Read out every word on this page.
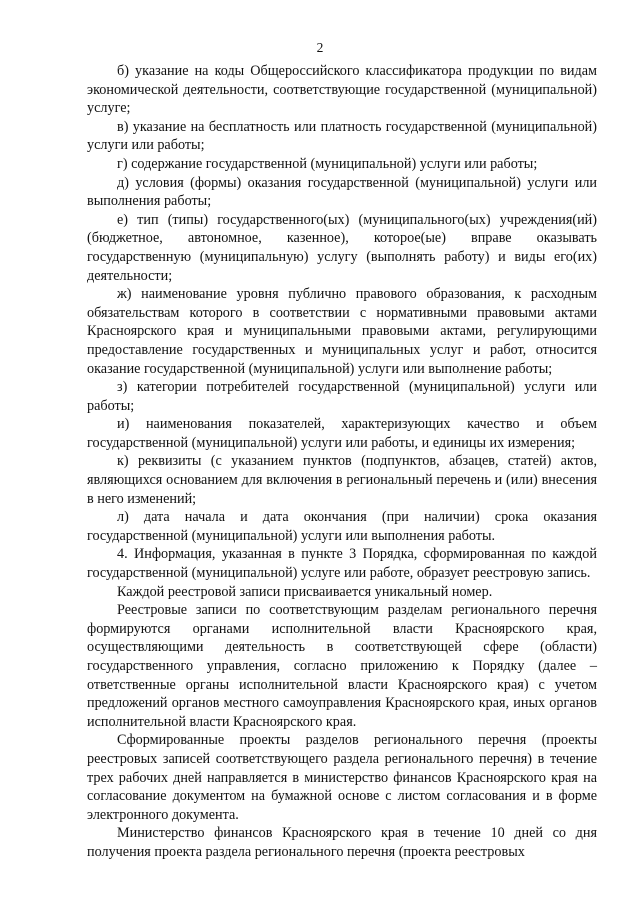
2

б) указание на коды Общероссийского классификатора продукции по видам экономической деятельности, соответствующие государственной (муниципальной) услуге;

в) указание на бесплатность или платность государственной (муниципальной) услуги или работы;

г) содержание государственной (муниципальной) услуги или работы;

д) условия (формы) оказания государственной (муниципальной) услуги или выполнения работы;

е) тип (типы) государственного(ых) (муниципального(ых) учреждения(ий) (бюджетное, автономное, казенное), которое(ые) вправе оказывать государственную (муниципальную) услугу (выполнять работу) и виды его(их) деятельности;

ж) наименование уровня публично правового образования, к расходным обязательствам которого в соответствии с нормативными правовыми актами Красноярского края и муниципальными правовыми актами, регулирующими предоставление государственных и муниципальных услуг и работ, относится оказание государственной (муниципальной) услуги или выполнение работы;

з) категории потребителей государственной (муниципальной) услуги или работы;

и) наименования показателей, характеризующих качество и объем государственной (муниципальной) услуги или работы, и единицы их измерения;

к) реквизиты (с указанием пунктов (подпунктов, абзацев, статей) актов, являющихся основанием для включения в региональный перечень и (или) внесения в него изменений;

л) дата начала и дата окончания (при наличии) срока оказания государственной (муниципальной) услуги или выполнения работы.

4. Информация, указанная в пункте 3 Порядка, сформированная по каждой государственной (муниципальной) услуге или работе, образует реестровую запись.

Каждой реестровой записи присваивается уникальный номер.

Реестровые записи по соответствующим разделам регионального перечня формируются органами исполнительной власти Красноярского края, осуществляющими деятельность в соответствующей сфере (области) государственного управления, согласно приложению к Порядку (далее – ответственные органы исполнительной власти Красноярского края) с учетом предложений органов местного самоуправления Красноярского края, иных органов исполнительной власти Красноярского края.

Сформированные проекты разделов регионального перечня (проекты реестровых записей соответствующего раздела регионального перечня) в течение трех рабочих дней направляется в министерство финансов Красноярского края на согласование документом на бумажной основе с листом согласования и в форме электронного документа.

Министерство финансов Красноярского края в течение 10 дней со дня получения проекта раздела регионального перечня (проекта реестровых
